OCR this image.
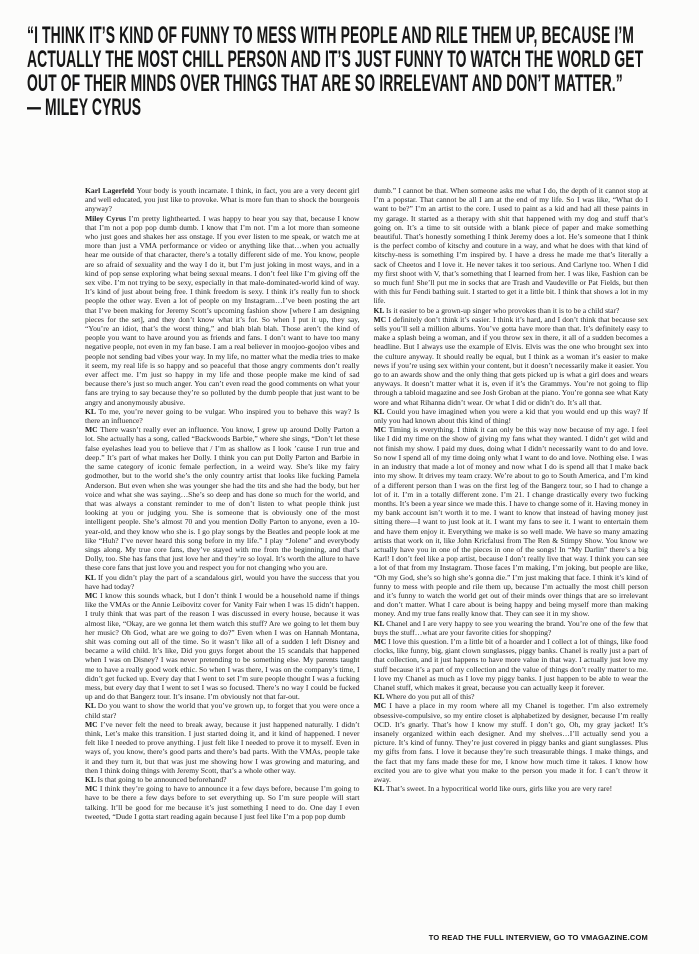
“I THINK IT’S KIND OF FUNNY TO MESS WITH PEOPLE AND RILE THEM UP, BECAUSE I’M
ACTUALLY THE MOST CHILL PERSON AND IT’S JUST FUNNY TO WATCH THE WORLD GET
OUT OF THEIR MINDS OVER THINGS THAT ARE SO IRRELEVANT AND DON’T MATTER.”
— MILEY CYRUS

Karl Lagerfeld Your body is youth incarnate. I think, in fact, you are a very decent girl and well educated, you just like to provoke. What is more fun than to shock the bourgeois anyway?

Miley Cyrus I’m pretty lighthearted. I was happy to hear you say that, because I know that I’m not a pop pop dumb dumb. I know that I’m not. I’m a lot more than someone who just goes and shakes her ass onstage. If you ever listen to me speak, or watch me at more than just a VMA performance or video or anything like that…when you actually hear me outside of that character, there’s a totally different side of me. You know, people are so afraid of sexuality and the way I do it, but I’m just joking in most ways, and in a kind of pop sense exploring what being sexual means. I don’t feel like I’m giving off the sex vibe. I’m not trying to be sexy, especially in that male-dominated-world kind of way. It’s kind of just about being free. I think freedom is sexy. I think it’s really fun to shock people the other way. Even a lot of people on my Instagram…I’ve been posting the art that I’ve been making for Jeremy Scott’s upcoming fashion show [where I am designing pieces for the set], and they don’t know what it’s for. So when I put it up, they say, “You’re an idiot, that’s the worst thing,” and blah blah blah. Those aren’t the kind of people you want to have around you as friends and fans. I don’t want to have too many negative people, not even in my fan base. I am a real believer in moojoo-goojoo vibes and people not sending bad vibes your way. In my life, no matter what the media tries to make it seem, my real life is so happy and so peaceful that those angry comments don’t really ever affect me. I’m just so happy in my life and those people make me kind of sad because there’s just so much anger. You can’t even read the good comments on what your fans are trying to say because they’re so polluted by the dumb people that just want to be angry and anonymously abusive.

KL To me, you’re never going to be vulgar. Who inspired you to behave this way? Is there an influence?

MC There wasn’t really ever an influence. You know, I grew up around Dolly Parton a lot. She actually has a song, called “Backwoods Barbie,” where she sings, “Don’t let these false eyelashes lead you to believe that / I’m as shallow as I look ’cause I run true and deep.” It’s part of what makes her Dolly. I think you can put Dolly Parton and Barbie in the same category of iconic female perfection, in a weird way. She’s like my fairy godmother, but to the world she’s the only country artist that looks like fucking Pamela Anderson. But even when she was younger she had the tits and she had the body, but her voice and what she was saying…She’s so deep and has done so much for the world, and that was always a constant reminder to me of don’t listen to what people think just looking at you or judging you. She is someone that is obviously one of the most intelligent people. She’s almost 70 and you mention Dolly Parton to anyone, even a 10-year-old, and they know who she is. I go play songs by the Beatles and people look at me like “Huh? I’ve never heard this song before in my life.” I play “Jolene” and everybody sings along. My true core fans, they’ve stayed with me from the beginning, and that’s Dolly, too. She has fans that just love her and they’re so loyal. It’s worth the allure to have these core fans that just love you and respect you for not changing who you are.

KL If you didn’t play the part of a scandalous girl, would you have the success that you have had today?

MC I know this sounds whack, but I don’t think I would be a household name if things like the VMAs or the Annie Leibovitz cover for Vanity Fair when I was 15 didn’t happen. I truly think that was part of the reason I was discussed in every house, because it was almost like, “Okay, are we gonna let them watch this stuff? Are we going to let them buy her music? Oh God, what are we going to do?” Even when I was on Hannah Montana, shit was coming out all of the time. So it wasn’t like all of a sudden I left Disney and became a wild child. It’s like, Did you guys forget about the 15 scandals that happened when I was on Disney? I was never pretending to be something else. My parents taught me to have a really good work ethic. So when I was there, I was on the company’s time, I didn’t get fucked up. Every day that I went to set I’m sure people thought I was a fucking mess, but every day that I went to set I was so focused. There’s no way I could be fucked up and do that Bangerz tour. It’s insane. I’m obviously not that far-out.

KL Do you want to show the world that you’ve grown up, to forget that you were once a child star?

MC I’ve never felt the need to break away, because it just happened naturally. I didn’t think, Let’s make this transition. I just started doing it, and it kind of happened. I never felt like I needed to prove anything. I just felt like I needed to prove it to myself. Even in ways of, you know, there’s good parts and there’s bad parts. With the VMAs, people take it and they turn it, but that was just me showing how I was growing and maturing, and then I think doing things with Jeremy Scott, that’s a whole other way.

KL Is that going to be announced beforehand?

MC I think they’re going to have to announce it a few days before, because I’m going to have to be there a few days before to set everything up. So I’m sure people will start talking. It’ll be good for me because it’s just something I need to do. One day I even tweeted, “Dude I gotta start reading again because I just feel like I’m a pop pop dumb

dumb.” I cannot be that. When someone asks me what I do, the depth of it cannot stop at I’m a popstar. That cannot be all I am at the end of my life. So I was like, “What do I want to be?” I’m an artist to the core. I used to paint as a kid and had all these paints in my garage. It started as a therapy with shit that happened with my dog and stuff that’s going on. It’s a time to sit outside with a blank piece of paper and make something beautiful. That’s honestly something I think Jeremy does a lot. He’s someone that I think is the perfect combo of kitschy and couture in a way, and what he does with that kind of kitschy-ness is something I’m inspired by. I have a dress he made me that’s literally a sack of Cheetos and I love it. He never takes it too serious. And Carlyne too. When I did my first shoot with V, that’s something that I learned from her. I was like, Fashion can be so much fun! She’ll put me in socks that are Trash and Vaudeville or Pat Fields, but then with this fur Fendi bathing suit. I started to get it a little bit. I think that shows a lot in my life.

KL Is it easier to be a grown-up singer who provokes than it is to be a child star?

MC I definitely don’t think it’s easier. I think it’s hard, and I don’t think that because sex sells you’ll sell a million albums. You’ve gotta have more than that. It’s definitely easy to make a splash being a woman, and if you throw sex in there, it all of a sudden becomes a headline. But I always use the example of Elvis. Elvis was the one who brought sex into the culture anyway. It should really be equal, but I think as a woman it’s easier to make news if you’re using sex within your content, but it doesn’t necessarily make it easier. You go to an awards show and the only thing that gets picked up is what a girl does and wears anyways. It doesn’t matter what it is, even if it’s the Grammys. You’re not going to flip through a tabloid magazine and see Josh Groban at the piano. You’re gonna see what Katy wore and what Rihanna didn’t wear. Or what I did or didn’t do. It’s all that.

KL Could you have imagined when you were a kid that you would end up this way? If only you had known about this kind of thing!

MC Timing is everything. I think it can only be this way now because of my age. I feel like I did my time on the show of giving my fans what they wanted. I didn’t get wild and not finish my show. I paid my dues, doing what I didn’t necessarily want to do and love. So now I spend all of my time doing only what I want to do and love. Nothing else. I was in an industry that made a lot of money and now what I do is spend all that I make back into my show. It drives my team crazy. We’re about to go to South America, and I’m kind of a different person than I was on the first leg of the Bangerz tour, so I had to change a lot of it. I’m in a totally different zone. I’m 21. I change drastically every two fucking months. It’s been a year since we made this. I have to change some of it. Having money in my bank account isn’t worth it to me. I want to know that instead of having money just sitting there—I want to just look at it. I want my fans to see it. I want to entertain them and have them enjoy it. Everything we make is so well made. We have so many amazing artists that work on it, like John Kricfalusi from The Ren & Stimpy Show. You know we actually have you in one of the pieces in one of the songs! In “My Darlin” there’s a big Karl! I don’t feel like a pop artist, because I don’t really live that way. I think you can see a lot of that from my Instagram. Those faces I’m making, I’m joking, but people are like, “Oh my God, she’s so high she’s gonna die.” I’m just making that face. I think it’s kind of funny to mess with people and rile them up, because I’m actually the most chill person and it’s funny to watch the world get out of their minds over things that are so irrelevant and don’t matter. What I care about is being happy and being myself more than making money. And my true fans really know that. They can see it in my show.

KL Chanel and I are very happy to see you wearing the brand. You’re one of the few that buys the stuff…what are your favorite cities for shopping?

MC I love this question. I’m a little bit of a hoarder and I collect a lot of things, like food clocks, like funny, big, giant clown sunglasses, piggy banks. Chanel is really just a part of that collection, and it just happens to have more value in that way. I actually just love my stuff because it’s a part of my collection and the value of things don’t really matter to me. I love my Chanel as much as I love my piggy banks. I just happen to be able to wear the Chanel stuff, which makes it great, because you can actually keep it forever.

KL Where do you put all of this?

MC I have a place in my room where all my Chanel is together. I’m also extremely obsessive-compulsive, so my entire closet is alphabetized by designer, because I’m really OCD. It’s gnarly. That’s how I know my stuff. I don’t go, Oh, my gray jacket! It’s insanely organized within each designer. And my shelves…I’ll actually send you a picture. It’s kind of funny. They’re just covered in piggy banks and giant sunglasses. Plus my gifts from fans. I love it because they’re such treasurable things. I make things, and the fact that my fans made these for me, I know how much time it takes. I know how excited you are to give what you make to the person you made it for. I can’t throw it away.

KL That’s sweet. In a hypocritical world like ours, girls like you are very rare!

TO READ THE FULL INTERVIEW, GO TO VMAGAZINE.COM
